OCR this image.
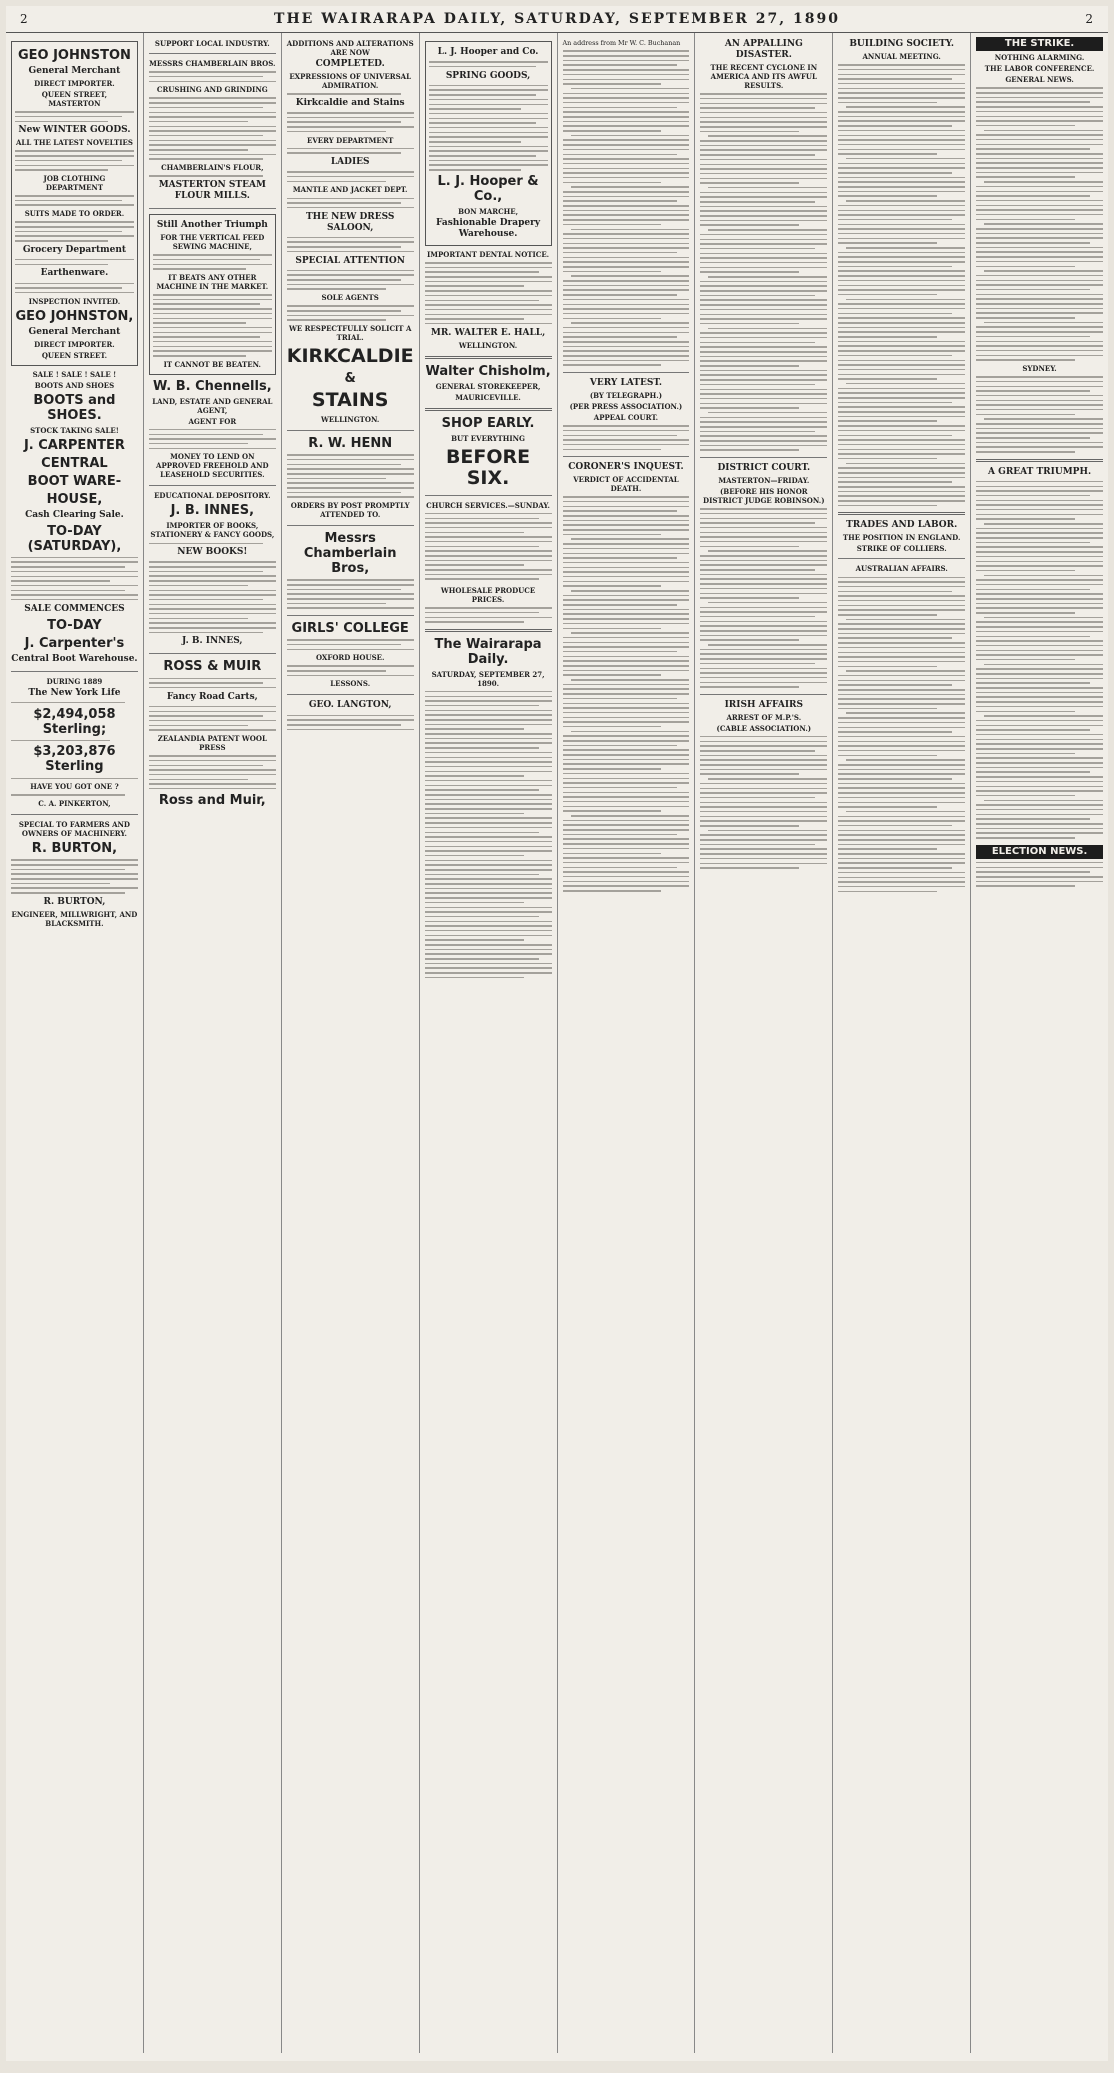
2	THE WAIRARAPA DAILY, SATURDAY, SEPTEMBER 27, 1890	2
GEO JOHNSTON
General Merchant
DIRECT IMPORTER.
QUEEN STREET, MASTERTON
New WINTER GOODS.
ALL THE LATEST NOVELTIES
JOB CLOTHING DEPARTMENT
SUITS MADE TO ORDER.
Grocery Department
Earthenware.
INSPECTION INVITED.
GEO JOHNSTON,
General Merchant
DIRECT IMPORTER.
QUEEN STREET.
SALE ! SALE ! SALE !
BOOTS AND SHOES
BOOTS and SHOES.
STOCK TAKING SALE!
J. CARPENTER
CENTRAL
BOOT WARE-
HOUSE,
Cash Clearing Sale.
TO-DAY (SATURDAY),
SALE COMMENCES
TO-DAY
J. Carpenter's
Central Boot Warehouse.
DURING 1889
The New York Life
$2,494,058 Sterling;
$3,203,876 Sterling
HAVE YOU GOT ONE ?
C. A. PINKERTON,
SPECIAL TO FARMERS AND OWNERS OF MACHINERY.
R. BURTON,
R. BURTON,
ENGINEER, MILLWRIGHT, AND BLACKSMITH.
SUPPORT LOCAL INDUSTRY.
MESSRS CHAMBERLAIN BROS.
CRUSHING AND GRINDING
CHAMBERLAIN'S FLOUR,
MASTERTON STEAM FLOUR MILLS.
Still Another Triumph
FOR THE VERTICAL FEED SEWING MACHINE,
IT BEATS ANY OTHER MACHINE IN THE MARKET.
IT CANNOT BE BEATEN.
W. B. Chennells,
LAND, ESTATE AND GENERAL AGENT,
AGENT FOR
MONEY TO LEND ON APPROVED FREEHOLD AND LEASEHOLD SECURITIES.
EDUCATIONAL DEPOSITORY.
J. B. INNES,
IMPORTER OF BOOKS, STATIONERY & FANCY GOODS,
NEW BOOKS!
J. B. INNES,
ROSS & MUIR
Fancy Road Carts,
ZEALANDIA PATENT WOOL PRESS
Ross and Muir,
ADDITIONS AND ALTERATIONS ARE NOW
COMPLETED.
EXPRESSIONS OF UNIVERSAL ADMIRATION.
Kirkcaldie and Stains
EVERY DEPARTMENT
LADIES
MANTLE AND JACKET DEPT.
THE NEW DRESS SALOON,
SPECIAL ATTENTION
SOLE AGENTS
WE RESPECTFULLY SOLICIT A TRIAL.
KIRKCALDIE
&
STAINS
WELLINGTON.
R. W. HENN
ORDERS BY POST PROMPTLY ATTENDED TO.
Messrs Chamberlain Bros,
GIRLS' COLLEGE
OXFORD HOUSE.
LESSONS.
GEO. LANGTON,
L. J. Hooper and Co.
SPRING GOODS,
L. J. Hooper & Co.,
BON MARCHE,
Fashionable Drapery Warehouse.
IMPORTANT DENTAL NOTICE.
MR. WALTER E. HALL,
WELLINGTON.
Walter Chisholm,
GENERAL STOREKEEPER,
MAURICEVILLE.
SHOP EARLY.
BUT EVERYTHING
BEFORE SIX.
CHURCH SERVICES.—SUNDAY.
WHOLESALE PRODUCE PRICES.
The Wairarapa Daily.
SATURDAY, SEPTEMBER 27, 1890.

An address from Mr W. C. Buchanan

VERY LATEST.
(BY TELEGRAPH.)
(PER PRESS ASSOCIATION.)
APPEAL COURT.
CORONER'S INQUEST.
VERDICT OF ACCIDENTAL DEATH.
AN APPALLING DISASTER.
THE RECENT CYCLONE IN AMERICA AND ITS AWFUL RESULTS.
DISTRICT COURT.
MASTERTON—FRIDAY.
(BEFORE HIS HONOR DISTRICT JUDGE ROBINSON.)
IRISH AFFAIRS
ARREST OF M.P.'S.
(CABLE ASSOCIATION.)
BUILDING SOCIETY.
ANNUAL MEETING.
TRADES AND LABOR.
THE POSITION IN ENGLAND.
STRIKE OF COLLIERS.
AUSTRALIAN AFFAIRS.
THE STRIKE.
NOTHING ALARMING.
THE LABOR CONFERENCE.
GENERAL NEWS.
SYDNEY.
A GREAT TRIUMPH.
ELECTION NEWS.
